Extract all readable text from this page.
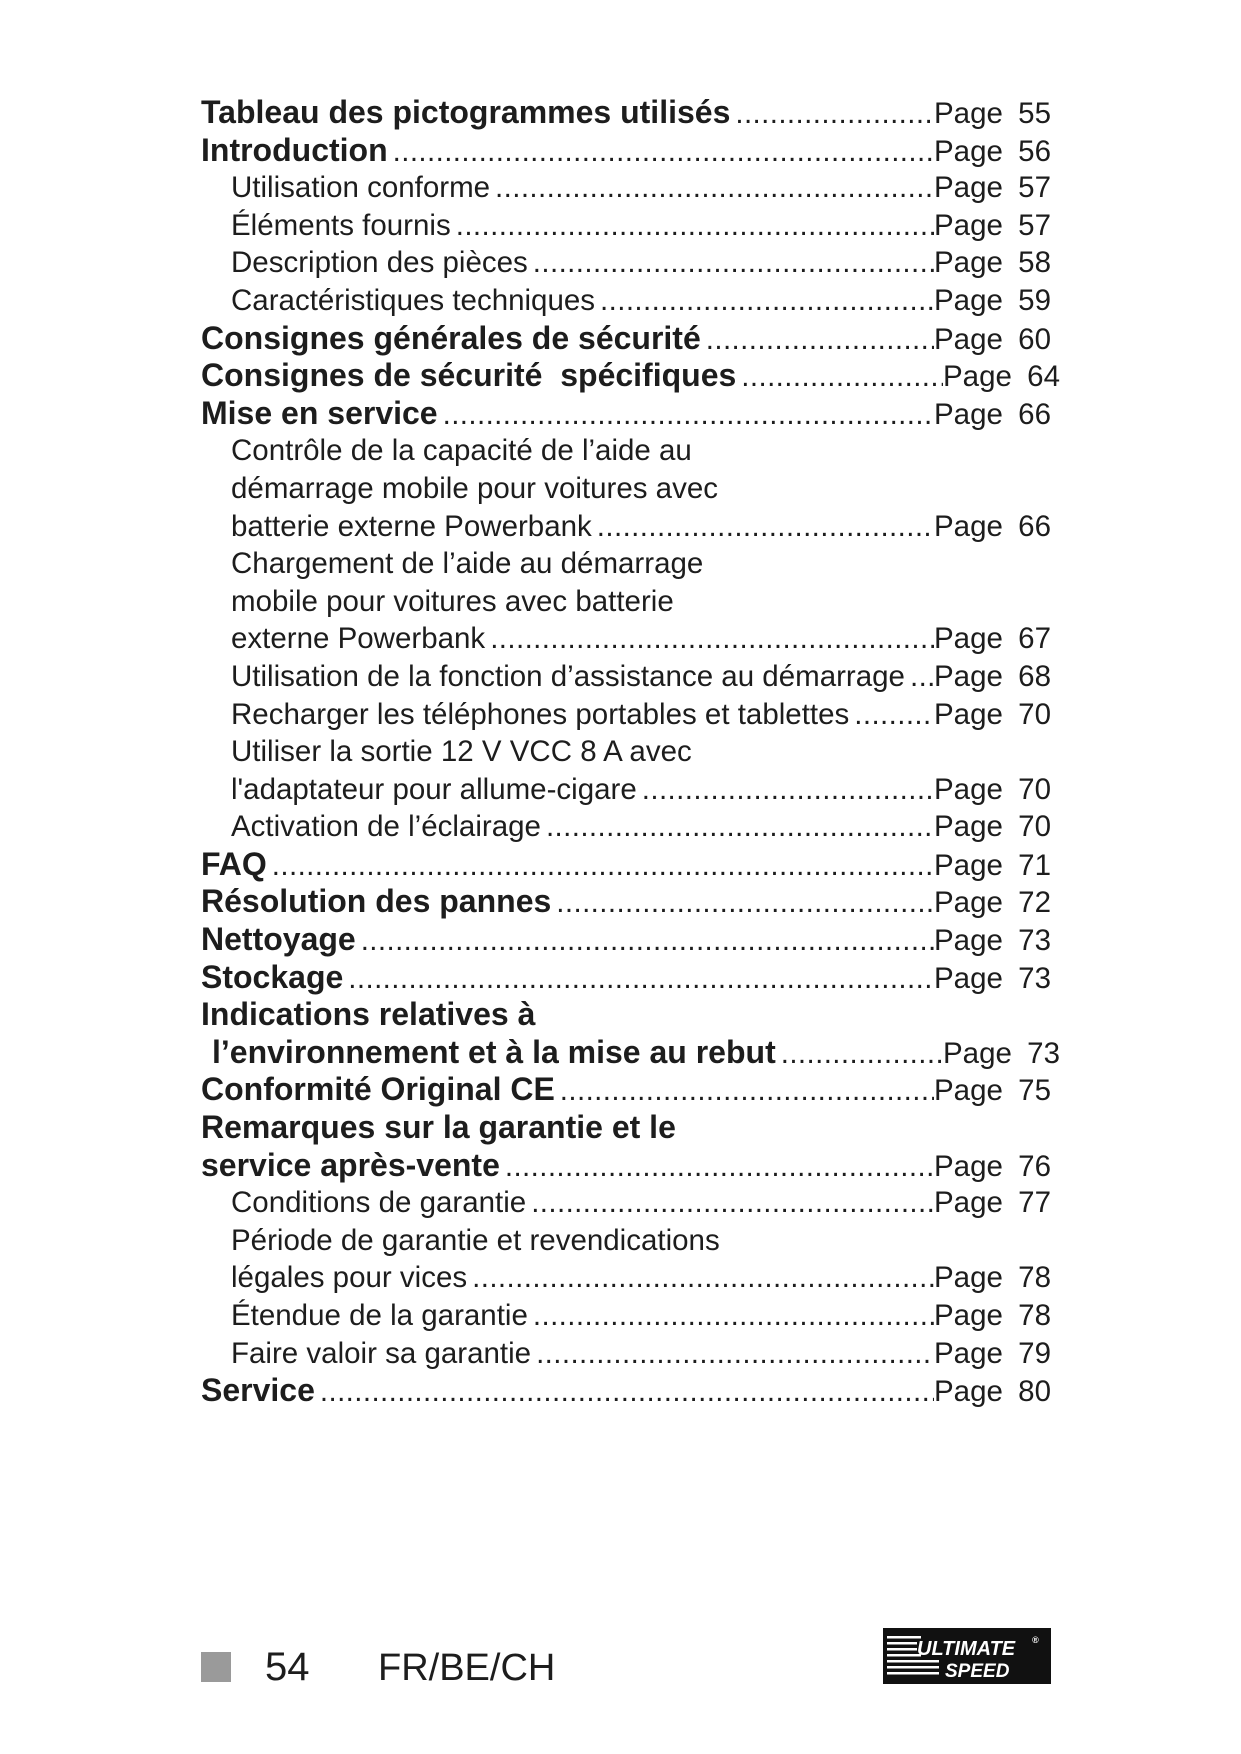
Tableau des pictogrammes utilisés .....	Page 55
Introduction .....	Page 56
Utilisation conforme .....	Page 57
Éléments fournis .....	Page 57
Description des pièces .....	Page 58
Caractéristiques techniques .....	Page 59
Consignes générales de sécurité .....	Page 60
Consignes de sécurité  spécifiques .....	Page 64
Mise en service .....	Page 66
Contrôle de la capacité de l’aide au
démarrage mobile pour voitures avec
batterie externe Powerbank .....	Page 66
Chargement de l’aide au démarrage
mobile pour voitures avec batterie
externe Powerbank .....	Page 67
Utilisation de la fonction d’assistance au démarrage ..... Page 68
Recharger les téléphones portables et tablettes .....	Page 70
Utiliser la sortie 12 V VCC 8 A avec
l'adaptateur pour allume-cigare .....	Page 70
Activation de l’éclairage .....	Page 70
FAQ .....	Page 71
Résolution des pannes .....	Page 72
Nettoyage .....	Page 73
Stockage .....	Page 73
Indications relatives à
l’environnement et à la mise au rebut .....	Page 73
Conformité Original CE .....	Page 75
Remarques sur la garantie et le
service après-vente .....	Page 76
Conditions de garantie .....	Page 77
Période de garantie et revendications
légales pour vices .....	Page 78
Étendue de la garantie .....	Page 78
Faire valoir sa garantie .....	Page 79
Service .....	Page 80
54 FR/BE/CH	ULTIMATE ®
SPEED
